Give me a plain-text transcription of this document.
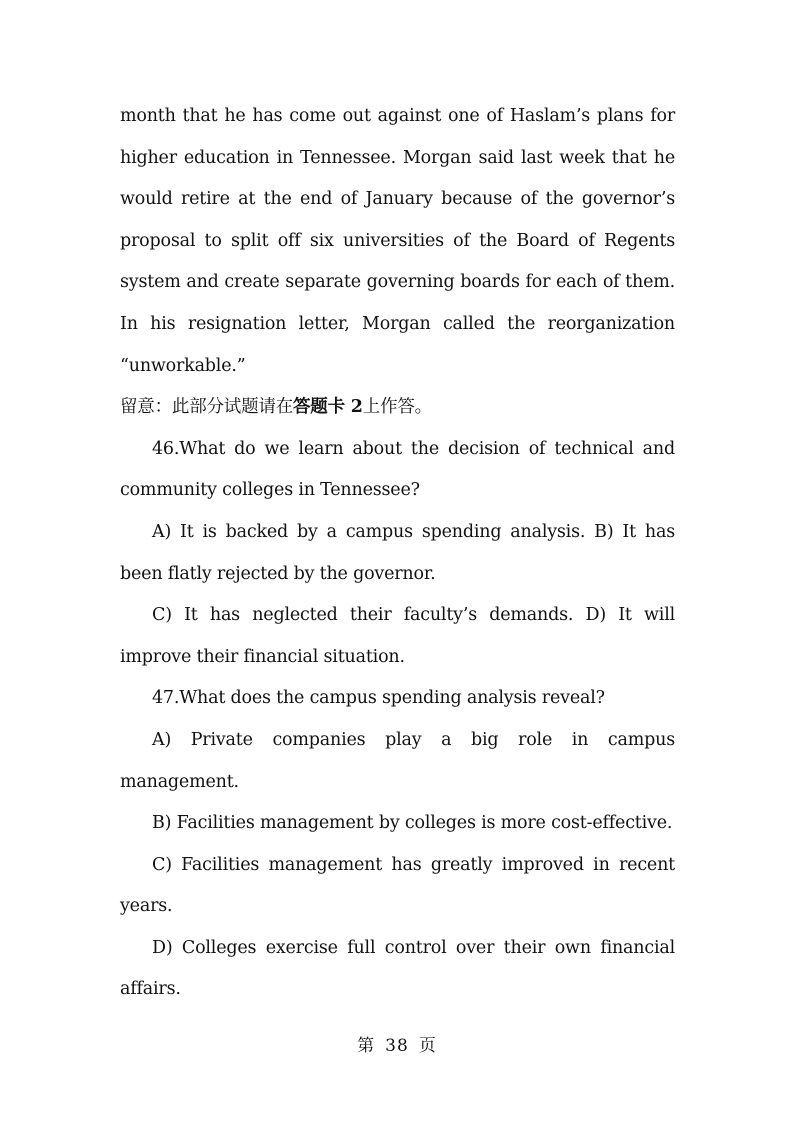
month that he has come out against one of Haslam’s plans for higher education in Tennessee. Morgan said last week that he would retire at the end of January because of the governor’s proposal to split off six universities of the Board of Regents system and create separate governing boards for each of them. In his resignation letter, Morgan called the reorganization “unworkable.”

留意：此部分试题请在答题卡 2上作答。

46.What do we learn about the decision of technical and community colleges in Tennessee?

A) It is backed by a campus spending analysis. B) It has been flatly rejected by the governor.

C) It has neglected their faculty’s demands. D) It will improve their financial situation.

47.What does the campus spending analysis reveal?

A) Private companies play a big role in campus management.

B) Facilities management by colleges is more cost-effective.

C) Facilities management has greatly improved in recent years.

D) Colleges exercise full control over their own financial affairs.

第 38 页
